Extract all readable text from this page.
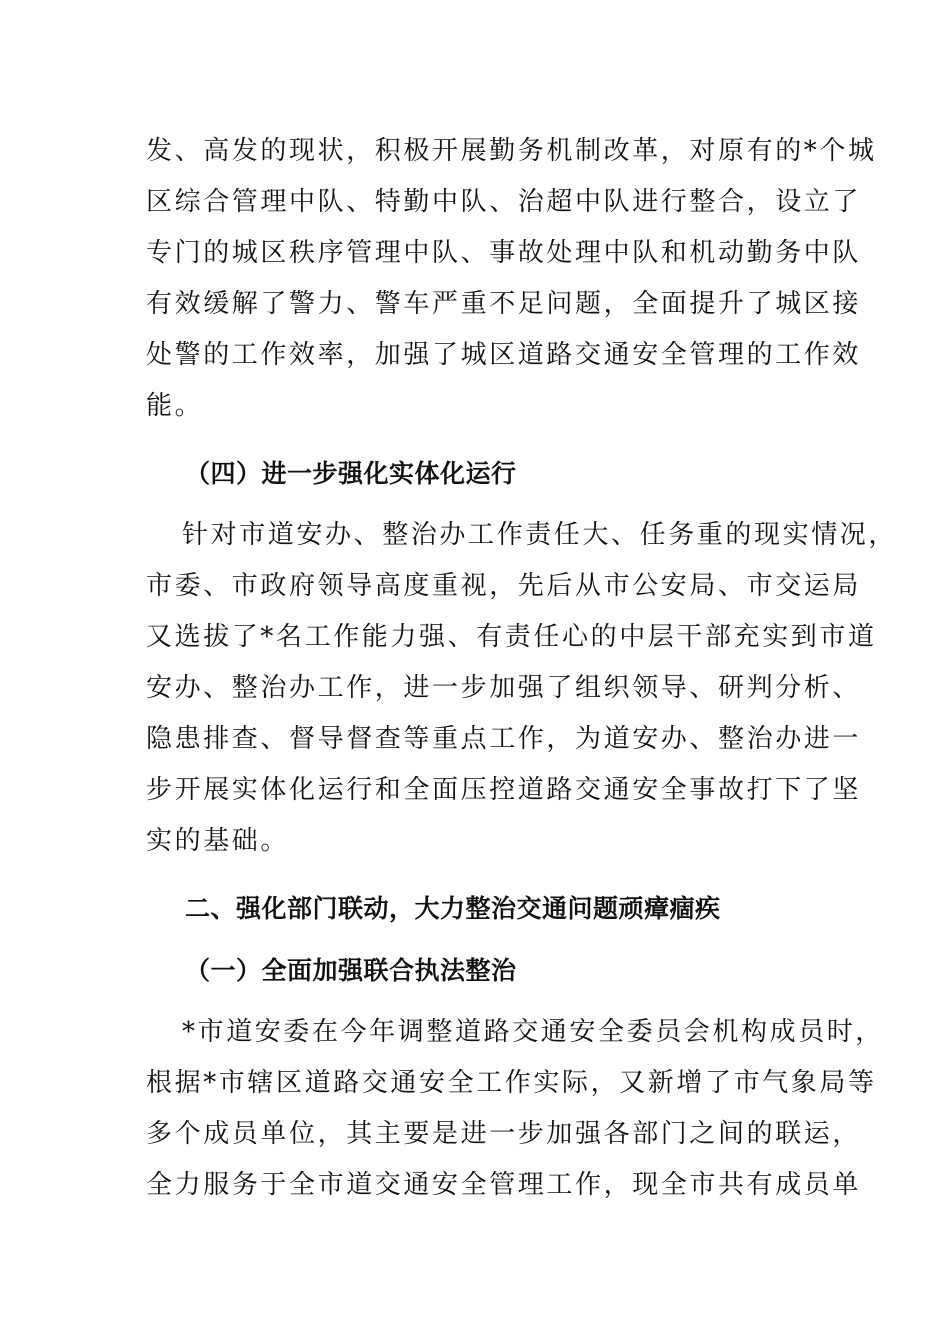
发、高发的现状，积极开展勤务机制改革，对原有的*个城
区综合管理中队、特勤中队、治超中队进行整合，设立了
专门的城区秩序管理中队、事故处理中队和机动勤务中队
有效缓解了警力、警车严重不足问题，全面提升了城区接
处警的工作效率，加强了城区道路交通安全管理的工作效
能。
（四）进一步强化实体化运行
针对市道安办、整治办工作责任大、任务重的现实情况，
市委、市政府领导高度重视，先后从市公安局、市交运局
又选拔了*名工作能力强、有责任心的中层干部充实到市道
安办、整治办工作，进一步加强了组织领导、研判分析、
隐患排查、督导督查等重点工作，为道安办、整治办进一
步开展实体化运行和全面压控道路交通安全事故打下了坚
实的基础。
二、强化部门联动，大力整治交通问题顽瘴痼疾
（一）全面加强联合执法整治
*市道安委在今年调整道路交通安全委员会机构成员时，
根据*市辖区道路交通安全工作实际，又新增了市气象局等
多个成员单位，其主要是进一步加强各部门之间的联运，
全力服务于全市道交通安全管理工作，现全市共有成员单
